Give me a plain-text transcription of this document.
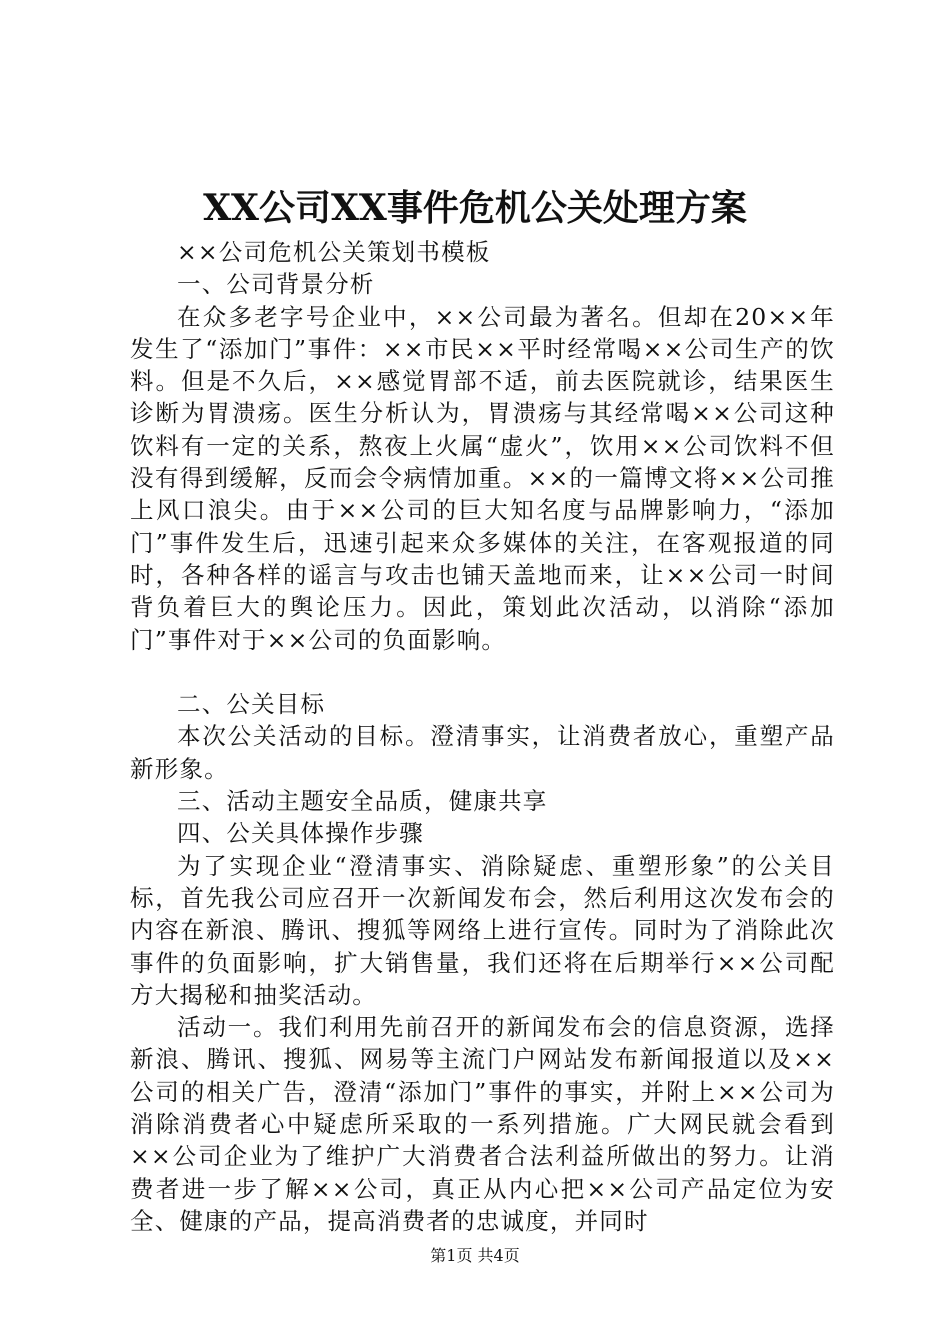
XX公司XX事件危机公关处理方案

××公司危机公关策划书模板

一、公司背景分析

在众多老字号企业中，××公司最为著名。但却在20××年发生了“添加门”事件：××市民××平时经常喝××公司生产的饮料。但是不久后，××感觉胃部不适，前去医院就诊，结果医生诊断为胃溃疡。医生分析认为，胃溃疡与其经常喝××公司这种饮料有一定的关系，熬夜上火属“虚火”，饮用××公司饮料不但没有得到缓解，反而会令病情加重。××的一篇博文将××公司推上风口浪尖。由于××公司的巨大知名度与品牌影响力，“添加门”事件发生后，迅速引起来众多媒体的关注，在客观报道的同时，各种各样的谣言与攻击也铺天盖地而来，让××公司一时间背负着巨大的舆论压力。因此，策划此次活动，以消除“添加门”事件对于××公司的负面影响。

二、公关目标

本次公关活动的目标。澄清事实，让消费者放心，重塑产品新形象。

三、活动主题安全品质，健康共享

四、公关具体操作步骤

为了实现企业“澄清事实、消除疑虑、重塑形象”的公关目标，首先我公司应召开一次新闻发布会，然后利用这次发布会的内容在新浪、腾讯、搜狐等网络上进行宣传。同时为了消除此次事件的负面影响，扩大销售量，我们还将在后期举行××公司配方大揭秘和抽奖活动。

活动一。我们利用先前召开的新闻发布会的信息资源，选择新浪、腾讯、搜狐、网易等主流门户网站发布新闻报道以及××公司的相关广告，澄清“添加门”事件的事实，并附上××公司为消除消费者心中疑虑所采取的一系列措施。广大网民就会看到××公司企业为了维护广大消费者合法利益所做出的努力。让消费者进一步了解××公司，真正从内心把××公司产品定位为安全、健康的产品，提高消费者的忠诚度，并同时

第1页 共4页
